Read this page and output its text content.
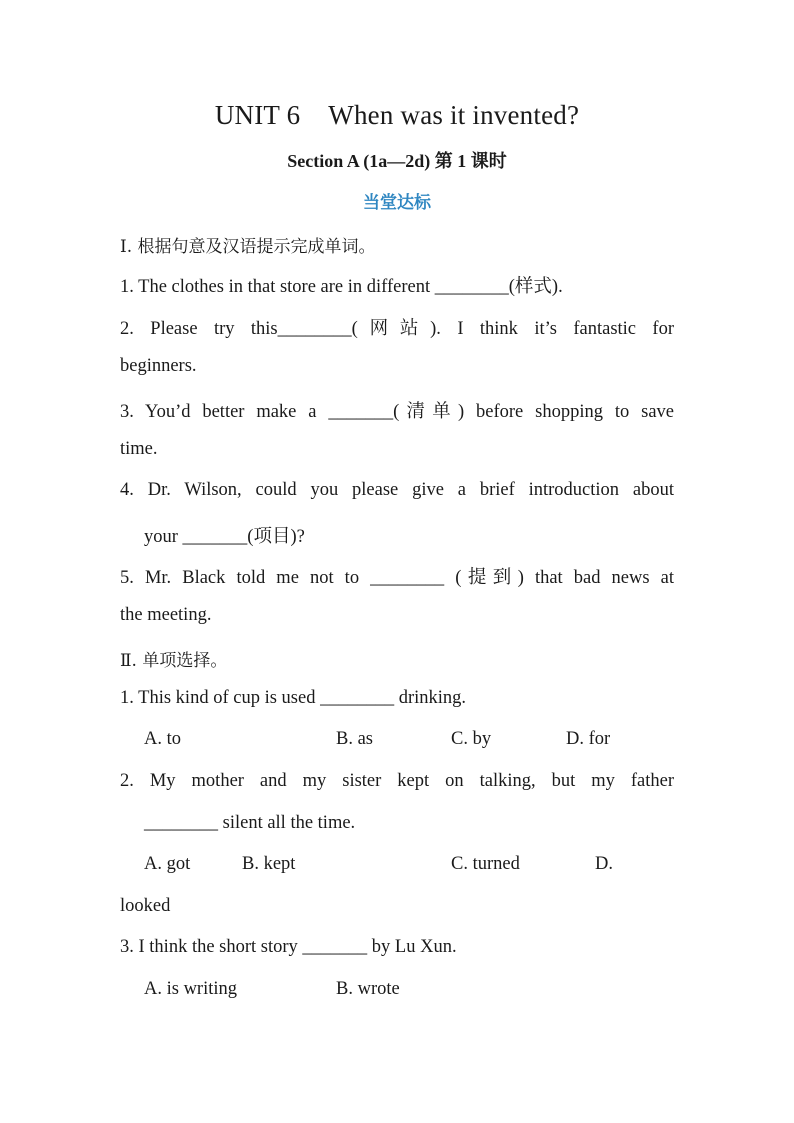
UNIT 6 When was it invented?
Section A (1a—2d) 第 1 课时
当堂达标
Ⅰ. 根据句意及汉语提示完成单词。
1. The clothes in that store are in different ________(样式).
2. Please try this________(网站). I think it’s fantastic for
beginners.
3. You’d better make a _______(清单) before shopping to save
time.
4. Dr. Wilson, could you please give a brief introduction about
your _______(项目)?
5. Mr. Black told me not to ________ (提到) that bad news at
the meeting.
Ⅱ. 单项选择。
1. This kind of cup is used ________ drinking.
A. to	B. as	C. by	D. for
2. My mother and my sister kept on talking, but my father
________ silent all the time.
A. got	B. kept	C. turned	D.
looked
3. I think the short story _______ by Lu Xun.
A. is writing	B. wrote
